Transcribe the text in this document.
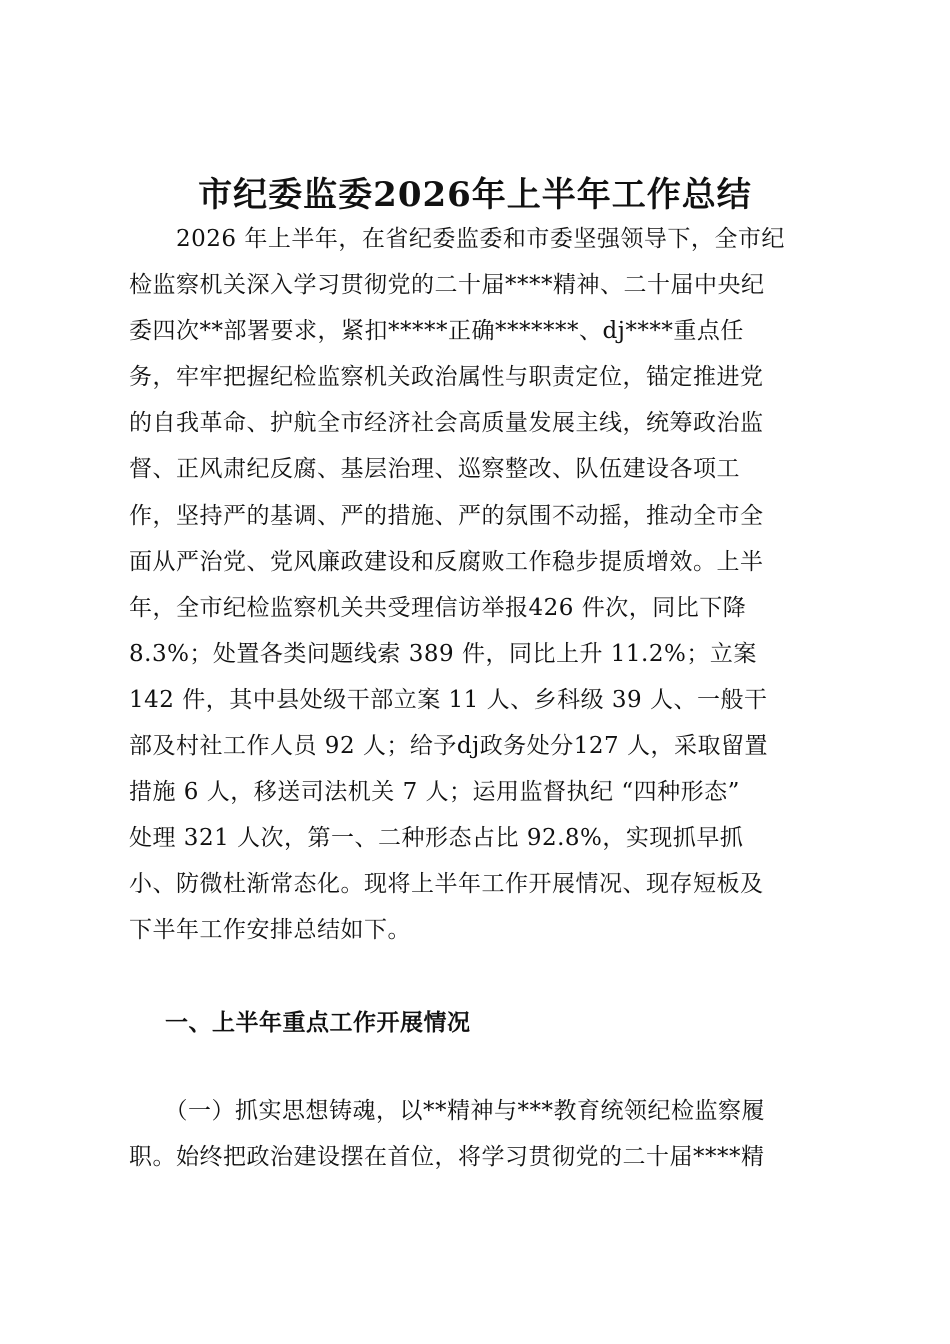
市纪委监委2026年上半年工作总结
　　2026 年上半年，在省纪委监委和市委坚强领导下，全市纪
检监察机关深入学习贯彻党的二十届****精神、二十届中央纪
委四次**部署要求，紧扣*****正确*******、dj****重点任
务，牢牢把握纪检监察机关政治属性与职责定位，锚定推进党
的自我革命、护航全市经济社会高质量发展主线，统筹政治监
督、正风肃纪反腐、基层治理、巡察整改、队伍建设各项工
作，坚持严的基调、严的措施、严的氛围不动摇，推动全市全
面从严治党、党风廉政建设和反腐败工作稳步提质增效。上半
年，全市纪检监察机关共受理信访举报426 件次，同比下降
8.3%；处置各类问题线索 389 件，同比上升 11.2%；立案
142 件，其中县处级干部立案 11 人、乡科级 39 人、一般干
部及村社工作人员 92 人；给予dj政务处分127 人，采取留置
措施 6 人，移送司法机关 7 人；运用监督执纪 “四种形态”
处理 321 人次，第一、二种形态占比 92.8%，实现抓早抓
小、防微杜渐常态化。现将上半年工作开展情况、现存短板及
下半年工作安排总结如下。
一、上半年重点工作开展情况
　　（一）抓实思想铸魂，以**精神与***教育统领纪检监察履
职。始终把政治建设摆在首位，将学习贯彻党的二十届****精
